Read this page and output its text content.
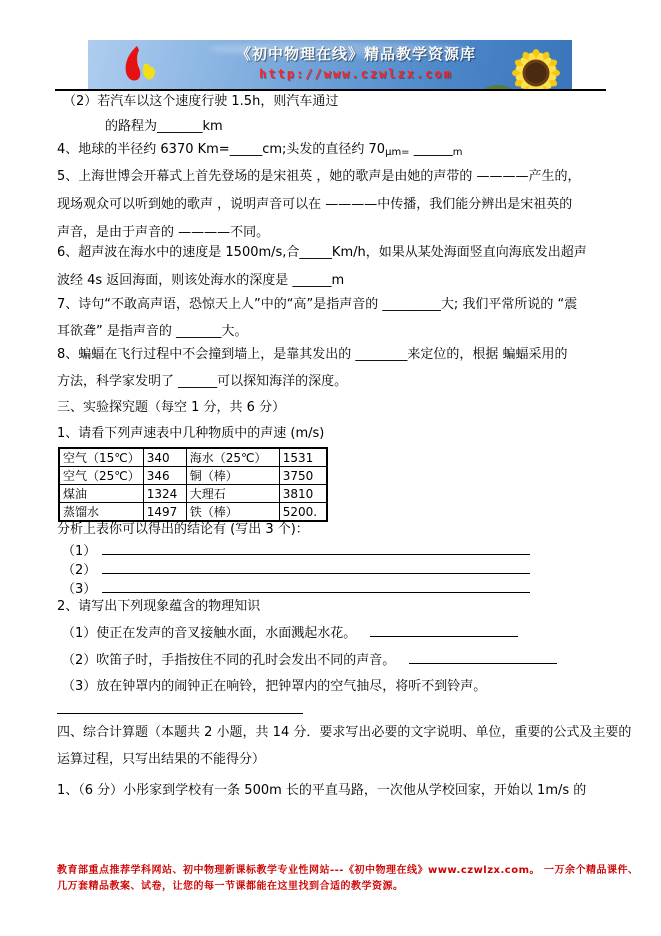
《初中物理在线》精品教学资源库
http://www.czwlzx.com
（2）若汽车以这个速度行驶 1.5h，则汽车通过
的路程为_______km
4、地球的半径约 6370 Km=_____cm;头发的直径约 70μm= ______m
5、上海世博会开幕式上首先登场的是宋祖英 ，她的歌声是由她的声带的 ————产生的，
现场观众可以听到她的歌声 ，说明声音可以在 ————中传播，我们能分辨出是宋祖英的
声音，是由于声音的 ————不同。
6、超声波在海水中的速度是 1500m/s,合_____Km/h，如果从某处海面竖直向海底发出超声
波经 4s 返回海面，则该处海水的深度是 ______m
7、诗句“不敢高声语，恐惊天上人”中的“高”是指声音的 _________大; 我们平常所说的 “震
耳欲聋” 是指声音的 _______大。
8、蝙蝠在飞行过程中不会撞到墙上，是靠其发出的 ________来定位的，根据 蝙蝠采用的
方法，科学家发明了 ______可以探知海洋的深度。
三、实验探究题（每空 1 分，共 6 分）
1、请看下列声速表中几种物质中的声速 (m/s)
空气（15℃）	340	海水（25℃）	1531
空气（25℃）	346	铜（棒）	3750
煤油	1324	大理石	3810
蒸馏水	1497	铁（棒）	5200.
分析上表你可以得出的结论有 (写出 3 个)：
（1）
（2）
（3）
2、请写出下列现象蕴含的物理知识
（1）使正在发声的音叉接触水面，水面溅起水花。
（2）吹笛子时，手指按住不同的孔时会发出不同的声音。
（3）放在钟罩内的闹钟正在响铃，把钟罩内的空气抽尽，将听不到铃声。
四、综合计算题（本题共 2 小题，共 14 分．要求写出必要的文字说明、单位，重要的公式及主要的
运算过程，只写出结果的不能得分）
1、（6 分）小彤家到学校有一条 500m 长的平直马路，一次他从学校回家，开始以 1m/s 的
教育部重点推荐学科网站、初中物理新课标教学专业性网站---《初中物理在线》www.czwlzx.com。 一万余个精品课件、
几万套精品教案、试卷，让您的每一节课都能在这里找到合适的教学资源。
